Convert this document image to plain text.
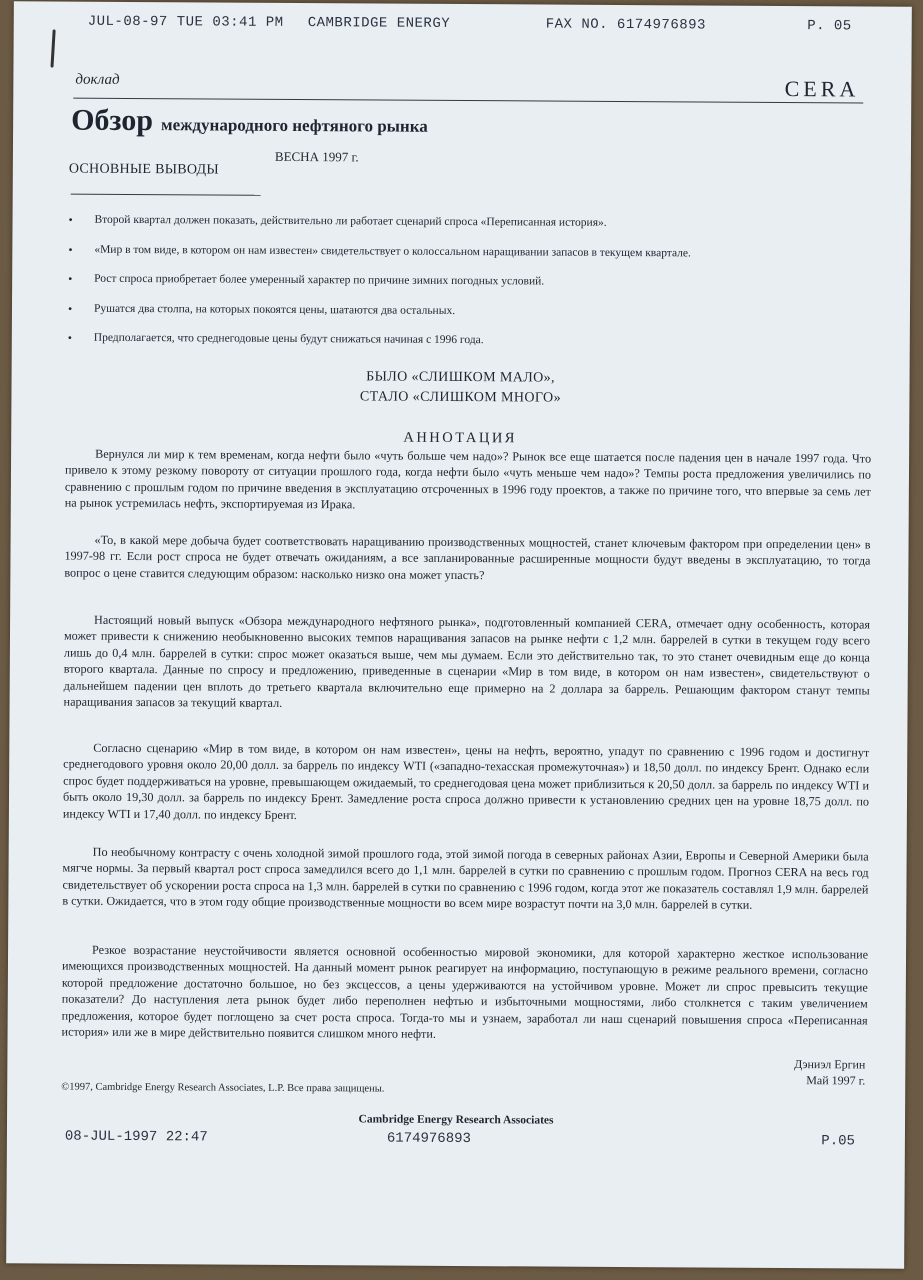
JUL-08-97 TUE 03:41 PM CAMBRIDGE ENERGY	FAX NO. 6174976893	P. 05
доклад	CERA
Обзор международного нефтяного рынка
ВЕСНА 1997 г.
ОСНОВНЫЕ ВЫВОДЫ
• Второй квартал должен показать, действительно ли работает сценарий спроса «Переписанная история».
• «Мир в том виде, в котором он нам известен» свидетельствует о колоссальном наращивании запасов в текущем квартале.
• Рост спроса приобретает более умеренный характер по причине зимних погодных условий.
• Рушатся два столпа, на которых покоятся цены, шатаются два остальных.
• Предполагается, что среднегодовые цены будут снижаться начиная с 1996 года.
БЫЛО «СЛИШКОМ МАЛО»,
СТАЛО «СЛИШКОМ МНОГО»
АННОТАЦИЯ

Вернулся ли мир к тем временам, когда нефти было «чуть больше чем надо»? Рынок все еще шатается после падения цен в начале 1997 года. Что привело к этому резкому повороту от ситуации прошлого года, когда нефти было «чуть меньше чем надо»? Темпы роста предложения увеличились по сравнению с прошлым годом по причине введения в эксплуатацию отсроченных в 1996 году проектов, а также по причине того, что впервые за семь лет на рынок устремилась нефть, экспортируемая из Ирака.

«То, в какой мере добыча будет соответствовать наращиванию производственных мощностей, станет ключевым фактором при определении цен» в 1997-98 гг. Если рост спроса не будет отвечать ожиданиям, а все запланированные расширенные мощности будут введены в эксплуатацию, то тогда вопрос о цене ставится следующим образом: насколько низко она может упасть?

Настоящий новый выпуск «Обзора международного нефтяного рынка», подготовленный компанией CERA, отмечает одну особенность, которая может привести к снижению необыкновенно высоких темпов наращивания запасов на рынке нефти с 1,2 млн. баррелей в сутки в текущем году всего лишь до 0,4 млн. баррелей в сутки: спрос может оказаться выше, чем мы думаем. Если это действительно так, то это станет очевидным еще до конца второго квартала. Данные по спросу и предложению, приведенные в сценарии «Мир в том виде, в котором он нам известен», свидетельствуют о дальнейшем падении цен вплоть до третьего квартала включительно еще примерно на 2 доллара за баррель. Решающим фактором станут темпы наращивания запасов за текущий квартал.

Согласно сценарию «Мир в том виде, в котором он нам известен», цены на нефть, вероятно, упадут по сравнению с 1996 годом и достигнут среднегодового уровня около 20,00 долл. за баррель по индексу WTI («западно-техасская промежуточная») и 18,50 долл. по индексу Брент. Однако если спрос будет поддерживаться на уровне, превышающем ожидаемый, то среднегодовая цена может приблизиться к 20,50 долл. за баррель по индексу WTI и быть около 19,30 долл. за баррель по индексу Брент. Замедление роста спроса должно привести к установлению средних цен на уровне 18,75 долл. по индексу WTI и 17,40 долл. по индексу Брент.

По необычному контрасту с очень холодной зимой прошлого года, этой зимой погода в северных районах Азии, Европы и Северной Америки была мягче нормы. За первый квартал рост спроса замедлился всего до 1,1 млн. баррелей в сутки по сравнению с прошлым годом. Прогноз CERA на весь год свидетельствует об ускорении роста спроса на 1,3 млн. баррелей в сутки по сравнению с 1996 годом, когда этот же показатель составлял 1,9 млн. баррелей в сутки. Ожидается, что в этом году общие производственные мощности во всем мире возрастут почти на 3,0 млн. баррелей в сутки.

Резкое возрастание неустойчивости является основной особенностью мировой экономики, для которой характерно жесткое использование имеющихся производственных мощностей. На данный момент рынок реагирует на информацию, поступающую в режиме реального времени, согласно которой предложение достаточно большое, но без эксцессов, а цены удерживаются на устойчивом уровне. Может ли спрос превысить текущие показатели? До наступления лета рынок будет либо переполнен нефтью и избыточными мощностями, либо столкнется с таким увеличением предложения, которое будет поглощено за счет роста спроса. Тогда-то мы и узнаем, заработал ли наш сценарий повышения спроса «Переписанная история» или же в мире действительно появится слишком много нефти.

Дэниэл Ергин
Май 1997 г.
©1997, Cambridge Energy Research Associates, L.P. Все права защищены.
Cambridge Energy Research Associates
08-JUL-1997 22:47	6174976893	P.05
